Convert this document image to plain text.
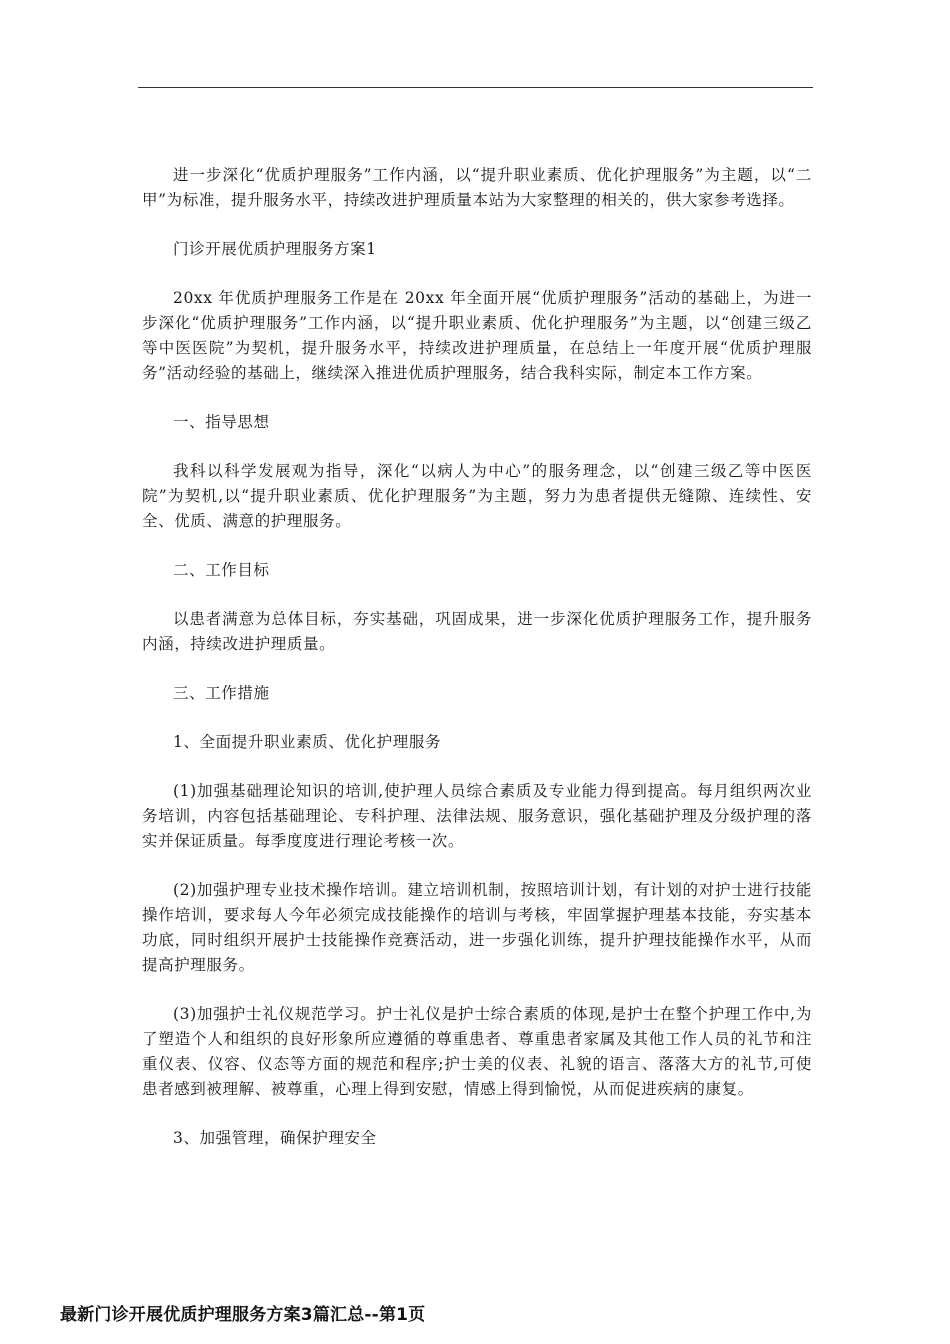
进一步深化“优质护理服务”工作内涵，以“提升职业素质、优化护理服务”为主题，以“二甲”为标准，提升服务水平，持续改进护理质量本站为大家整理的相关的，供大家参考选择。

门诊开展优质护理服务方案1

20xx 年优质护理服务工作是在 20xx 年全面开展“优质护理服务”活动的基础上，为进一步深化“优质护理服务”工作内涵，以“提升职业素质、优化护理服务”为主题，以“创建三级乙等中医医院”为契机，提升服务水平，持续改进护理质量，在总结上一年度开展“优质护理服务”活动经验的基础上，继续深入推进优质护理服务，结合我科实际，制定本工作方案。

一、指导思想

我科以科学发展观为指导，深化“以病人为中心”的服务理念，以“创建三级乙等中医医院”为契机,以“提升职业素质、优化护理服务”为主题，努力为患者提供无缝隙、连续性、安全、优质、满意的护理服务。

二、工作目标

以患者满意为总体目标，夯实基础，巩固成果，进一步深化优质护理服务工作，提升服务内涵，持续改进护理质量。

三、工作措施

1、全面提升职业素质、优化护理服务

(1)加强基础理论知识的培训,使护理人员综合素质及专业能力得到提高。每月组织两次业务培训，内容包括基础理论、专科护理、法律法规、服务意识，强化基础护理及分级护理的落实并保证质量。每季度度进行理论考核一次。

(2)加强护理专业技术操作培训。建立培训机制，按照培训计划，有计划的对护士进行技能操作培训，要求每人今年必须完成技能操作的培训与考核，牢固掌握护理基本技能，夯实基本功底，同时组织开展护士技能操作竞赛活动，进一步强化训练，提升护理技能操作水平，从而提高护理服务。

(3)加强护士礼仪规范学习。护士礼仪是护士综合素质的体现,是护士在整个护理工作中,为了塑造个人和组织的良好形象所应遵循的尊重患者、尊重患者家属及其他工作人员的礼节和注重仪表、仪容、仪态等方面的规范和程序;护士美的仪表、礼貌的语言、落落大方的礼节,可使患者感到被理解、被尊重，心理上得到安慰，情感上得到愉悦，从而促进疾病的康复。

3、加强管理，确保护理安全

最新门诊开展优质护理服务方案3篇汇总--第1页
